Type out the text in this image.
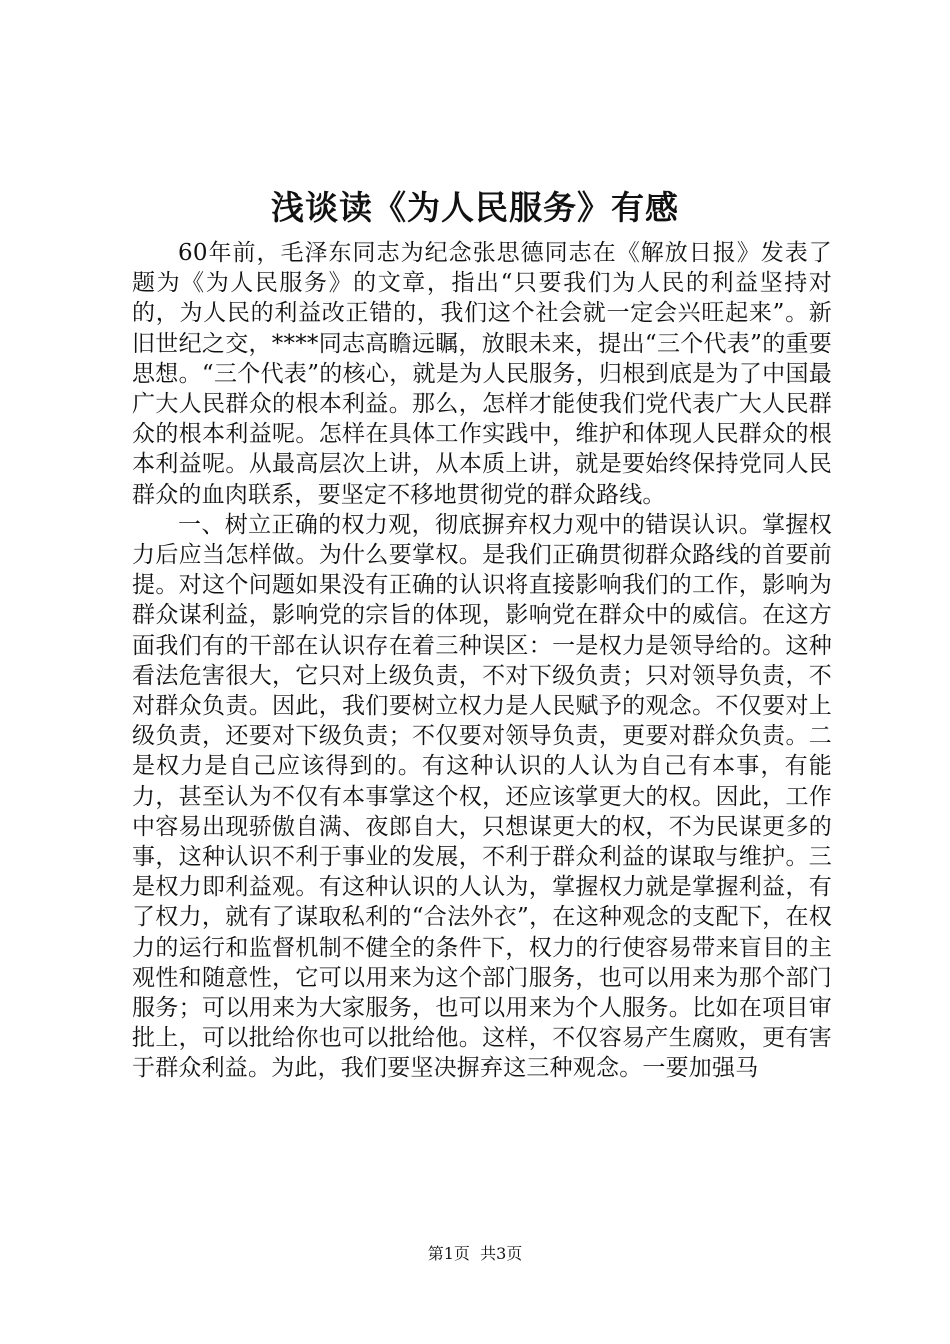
浅谈读《为人民服务》有感

60年前，毛泽东同志为纪念张思德同志在《解放日报》发表了题为《为人民服务》的文章，指出“只要我们为人民的利益坚持对的，为人民的利益改正错的，我们这个社会就一定会兴旺起来”。新旧世纪之交，****同志高瞻远瞩，放眼未来，提出“三个代表”的重要思想。“三个代表”的核心，就是为人民服务，归根到底是为了中国最广大人民群众的根本利益。那么，怎样才能使我们党代表广大人民群众的根本利益呢。怎样在具体工作实践中，维护和体现人民群众的根本利益呢。从最高层次上讲，从本质上讲，就是要始终保持党同人民群众的血肉联系，要坚定不移地贯彻党的群众路线。

一、树立正确的权力观，彻底摒弃权力观中的错误认识。掌握权力后应当怎样做。为什么要掌权。是我们正确贯彻群众路线的首要前提。对这个问题如果没有正确的认识将直接影响我们的工作，影响为群众谋利益，影响党的宗旨的体现，影响党在群众中的威信。在这方面我们有的干部在认识存在着三种误区：一是权力是领导给的。这种看法危害很大，它只对上级负责，不对下级负责；只对领导负责，不对群众负责。因此，我们要树立权力是人民赋予的观念。不仅要对上级负责，还要对下级负责；不仅要对领导负责，更要对群众负责。二是权力是自己应该得到的。有这种认识的人认为自己有本事，有能力，甚至认为不仅有本事掌这个权，还应该掌更大的权。因此，工作中容易出现骄傲自满、夜郎自大，只想谋更大的权，不为民谋更多的事，这种认识不利于事业的发展，不利于群众利益的谋取与维护。三是权力即利益观。有这种认识的人认为，掌握权力就是掌握利益，有了权力，就有了谋取私利的“合法外衣”，在这种观念的支配下，在权力的运行和监督机制不健全的条件下，权力的行使容易带来盲目的主观性和随意性，它可以用来为这个部门服务，也可以用来为那个部门服务；可以用来为大家服务，也可以用来为个人服务。比如在项目审批上，可以批给你也可以批给他。这样，不仅容易产生腐败，更有害于群众利益。为此，我们要坚决摒弃这三种观念。一要加强马

第1页 共3页
